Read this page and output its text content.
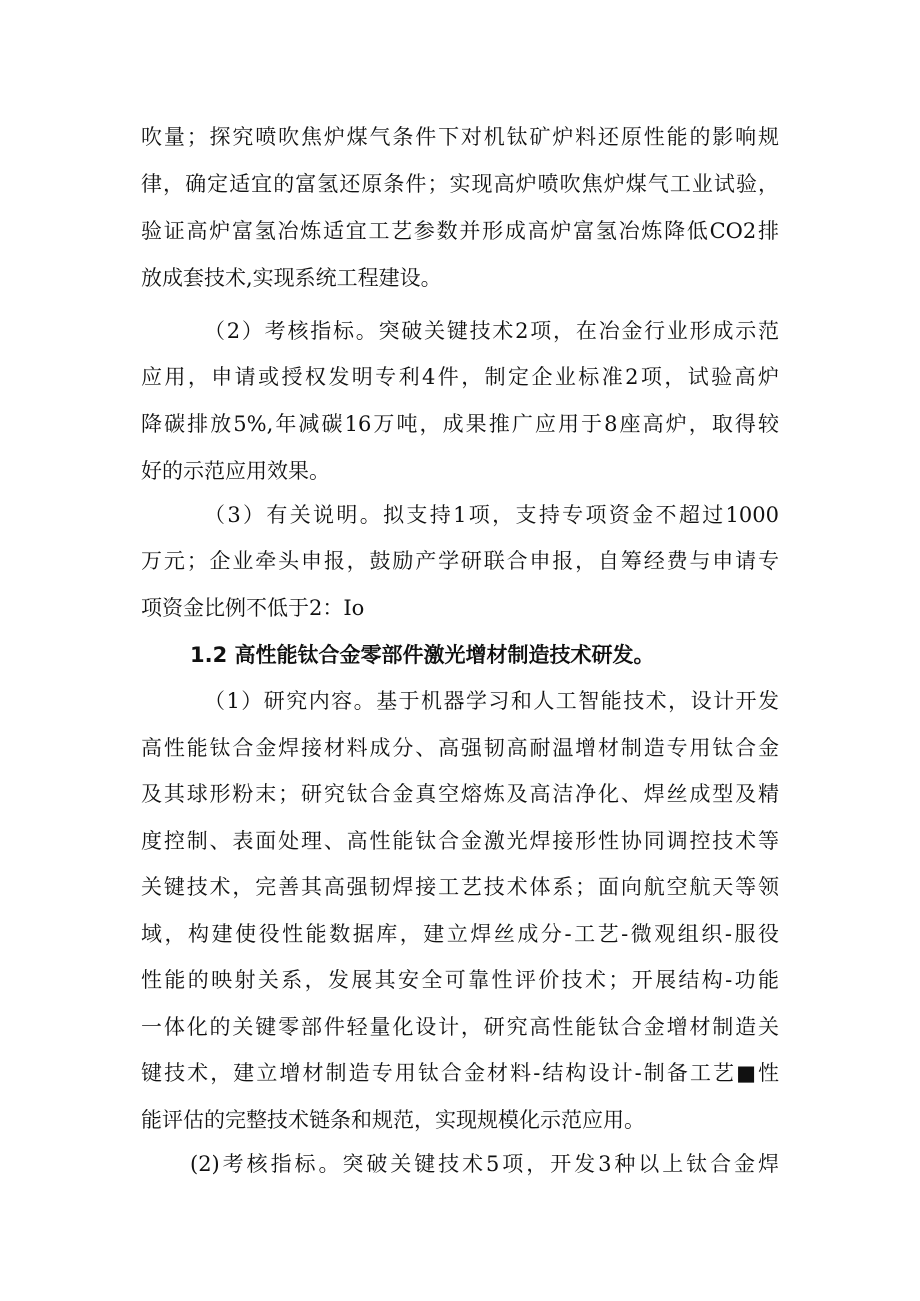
吹量；探究喷吹焦炉煤气条件下对机钛矿炉料还原性能的影响规
律，确定适宜的富氢还原条件；实现高炉喷吹焦炉煤气工业试验，
验证高炉富氢冶炼适宜工艺参数并形成高炉富氢冶炼降低CO2排
放成套技术,实现系统工程建设。
（2）考核指标。突破关键技术2项，在冶金行业形成示范
应用，申请或授权发明专利4件，制定企业标准2项，试验高炉
降碳排放5%,年减碳16万吨，成果推广应用于8座高炉，取得较
好的示范应用效果。
（3）有关说明。拟支持1项，支持专项资金不超过1000
万元；企业牵头申报，鼓励产学研联合申报，自筹经费与申请专
项资金比例不低于2：Io
1.2 高性能钛合金零部件激光增材制造技术研发。
（1）研究内容。基于机器学习和人工智能技术，设计开发
高性能钛合金焊接材料成分、高强韧高耐温增材制造专用钛合金
及其球形粉末；研究钛合金真空熔炼及高洁净化、焊丝成型及精
度控制、表面处理、高性能钛合金激光焊接形性协同调控技术等
关键技术，完善其高强韧焊接工艺技术体系；面向航空航天等领
域，构建使役性能数据库，建立焊丝成分-工艺-微观组织-服役
性能的映射关系，发展其安全可靠性评价技术；开展结构-功能
一体化的关键零部件轻量化设计，研究高性能钛合金增材制造关
键技术，建立增材制造专用钛合金材料-结构设计-制备工艺■性
能评估的完整技术链条和规范，实现规模化示范应用。
(2)考核指标。突破关键技术5项，开发3种以上钛合金焊
